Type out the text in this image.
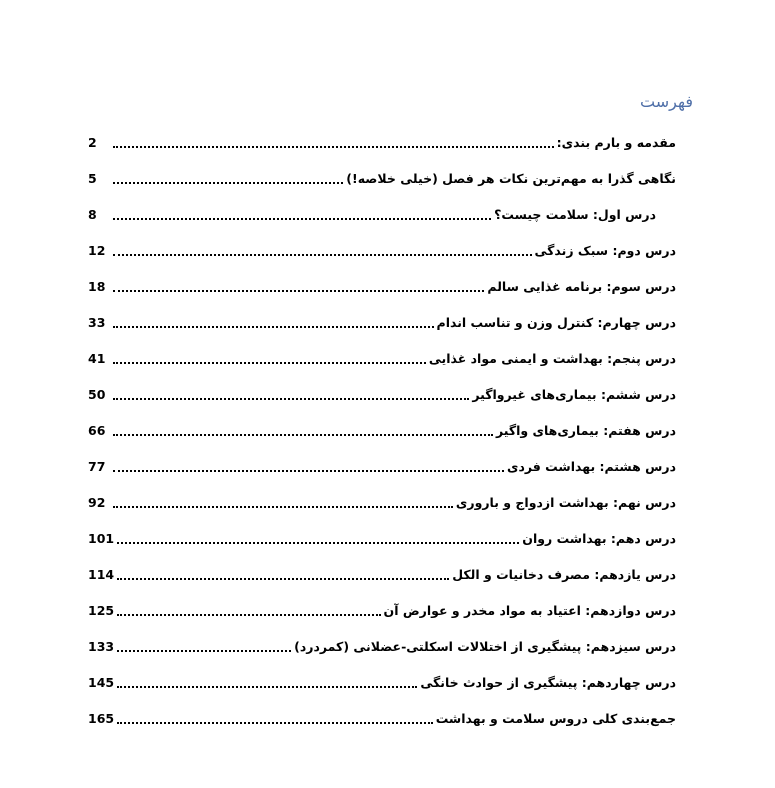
فهرست
مقدمه و بارم بندی:
2
نگاهی گذرا به مهم‌ترین نکات هر فصل (خیلی خلاصه!)
5
درس اول: سلامت چیست؟
8
درس دوم: سبک زندگی
12
درس سوم: برنامه غذایی سالم
18
درس چهارم: کنترل وزن و تناسب اندام
33
درس پنجم: بهداشت و ایمنی مواد غذایی
41
درس ششم: بیماری‌های غیرواگیر
50
درس هفتم: بیماری‌های واگیر
66
درس هشتم: بهداشت فردی
77
درس نهم: بهداشت ازدواج و باروری
92
درس دهم: بهداشت روان
101
درس یازدهم: مصرف دخانیات و الکل
114
درس دوازدهم: اعتیاد به مواد مخدر و عوارض آن
125
درس سیزدهم: پیشگیری از اختلالات اسکلتی-عضلانی (کمردرد)
133
درس چهاردهم: پیشگیری از حوادث خانگی
145
جمع‌بندی کلی دروس سلامت و بهداشت
165
